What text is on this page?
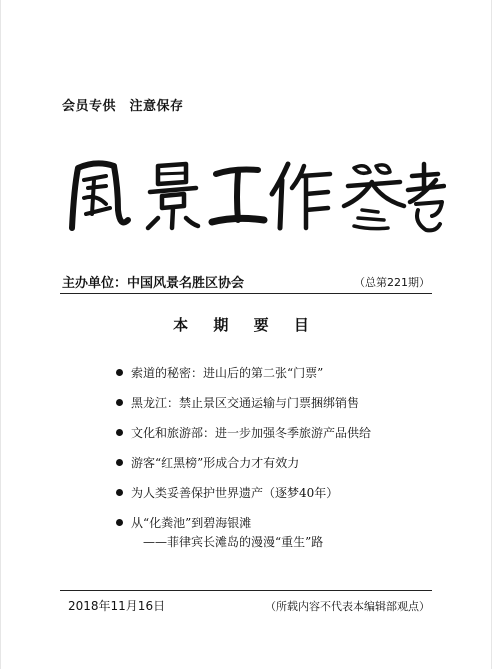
会员专供　注意保存
主办单位：中国风景名胜区协会	（总第221期）
本 期 要 目
索道的秘密：进山后的第二张“门票”
黑龙江：禁止景区交通运输与门票捆绑销售
文化和旅游部：进一步加强冬季旅游产品供给
游客“红黑榜”形成合力才有效力
为人类妥善保护世界遗产（逐梦40年）
从“化粪池”到碧海银滩
——菲律宾长滩岛的漫漫“重生”路
2018年11月16日	（所载内容不代表本编辑部观点）
